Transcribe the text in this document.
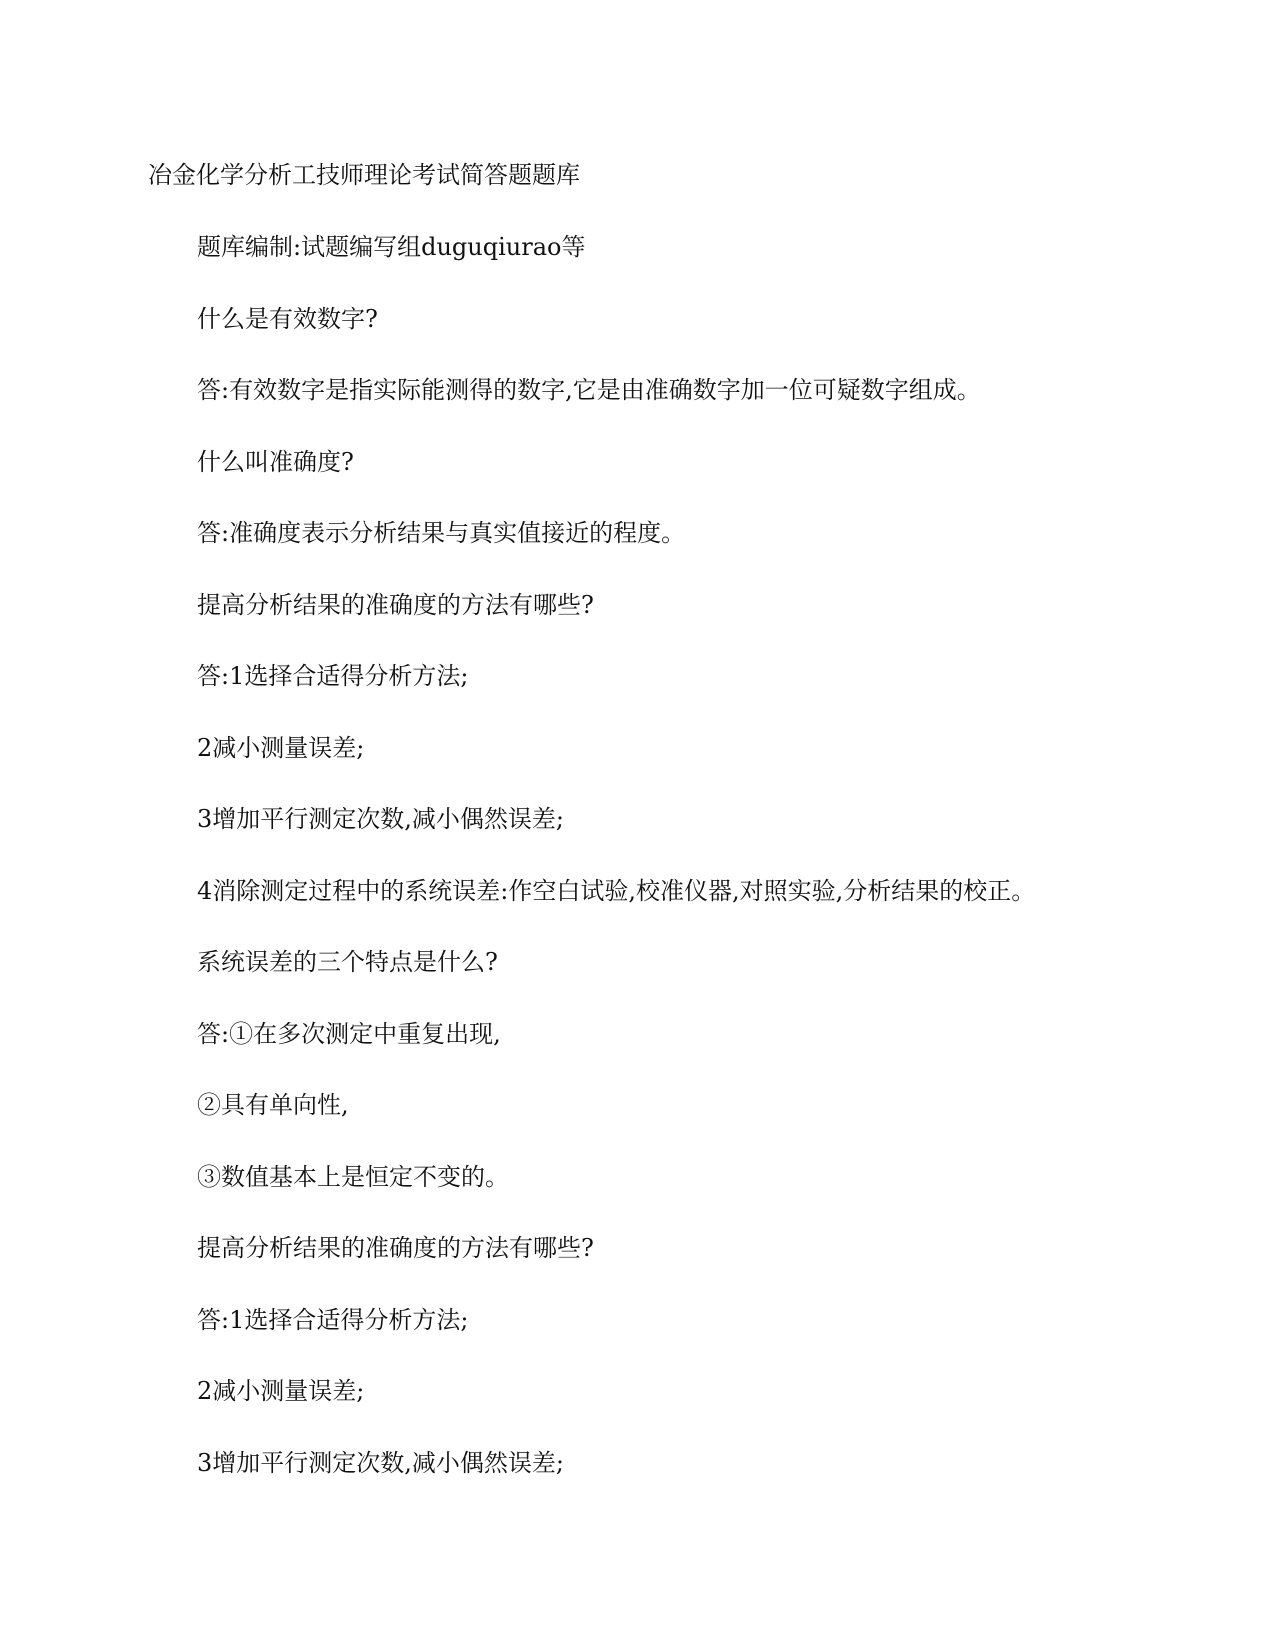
冶金化学分析工技师理论考试简答题题库
题库编制:试题编写组duguqiurao等
什么是有效数字?
答:有效数字是指实际能测得的数字,它是由准确数字加一位可疑数字组成。
什么叫准确度?
答:准确度表示分析结果与真实值接近的程度。
提高分析结果的准确度的方法有哪些?
答:1选择合适得分析方法;
2减小测量误差;
3增加平行测定次数,减小偶然误差;
4消除测定过程中的系统误差:作空白试验,校准仪器,对照实验,分析结果的校正。
系统误差的三个特点是什么?
答:①在多次测定中重复出现,
②具有单向性,
③数值基本上是恒定不变的。
提高分析结果的准确度的方法有哪些?
答:1选择合适得分析方法;
2减小测量误差;
3增加平行测定次数,减小偶然误差;
